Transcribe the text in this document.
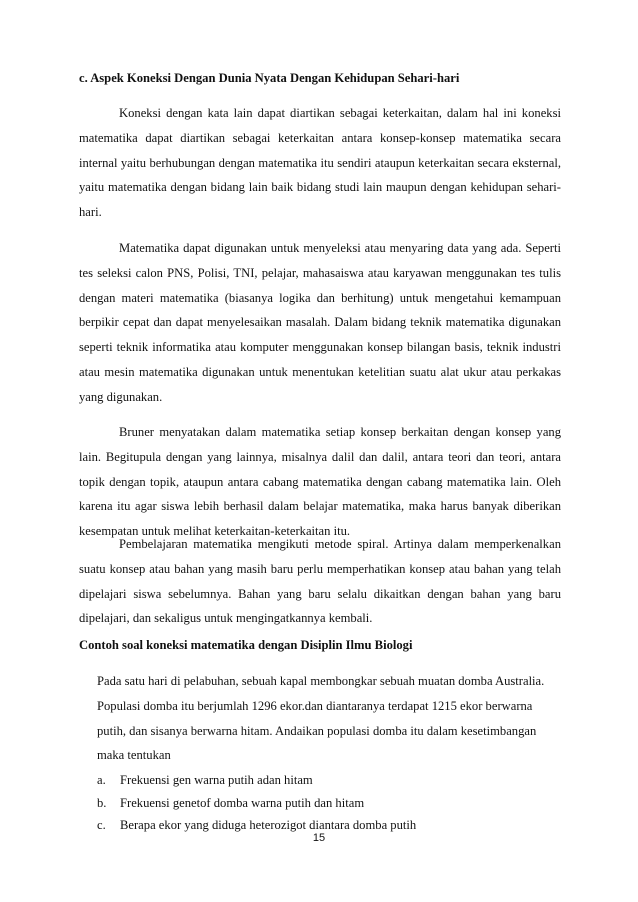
c. Aspek Koneksi Dengan Dunia Nyata Dengan Kehidupan Sehari-hari

Koneksi dengan kata lain dapat diartikan sebagai keterkaitan, dalam hal ini koneksi matematika dapat diartikan sebagai keterkaitan antara konsep-konsep matematika secara internal yaitu berhubungan dengan matematika itu sendiri ataupun keterkaitan secara eksternal, yaitu matematika dengan bidang lain baik bidang studi lain maupun dengan kehidupan sehari-hari.

Matematika dapat digunakan untuk menyeleksi atau menyaring data yang ada. Seperti tes seleksi calon PNS, Polisi, TNI, pelajar, mahasaiswa atau karyawan menggunakan tes tulis dengan materi matematika (biasanya logika dan berhitung) untuk mengetahui kemampuan berpikir cepat dan dapat menyelesaikan masalah. Dalam bidang teknik matematika digunakan seperti teknik informatika atau komputer menggunakan konsep bilangan basis, teknik industri atau mesin matematika digunakan untuk menentukan ketelitian suatu alat ukur atau perkakas yang digunakan.

Bruner menyatakan dalam matematika setiap konsep berkaitan dengan konsep yang lain. Begitupula dengan yang lainnya, misalnya dalil dan dalil, antara teori dan teori, antara topik dengan topik, ataupun antara cabang matematika dengan cabang matematika lain. Oleh karena itu agar siswa lebih berhasil dalam belajar matematika, maka harus banyak diberikan kesempatan untuk melihat keterkaitan-keterkaitan itu.

Pembelajaran matematika mengikuti metode spiral. Artinya dalam memperkenalkan suatu konsep atau bahan yang masih baru perlu memperhatikan konsep atau bahan yang telah dipelajari siswa sebelumnya. Bahan yang baru selalu dikaitkan dengan bahan yang baru dipelajari, dan sekaligus untuk mengingatkannya kembali.

Contoh soal koneksi matematika dengan Disiplin Ilmu Biologi

Pada satu hari di pelabuhan, sebuah kapal membongkar sebuah muatan domba Australia. Populasi domba itu berjumlah 1296 ekor.dan diantaranya terdapat 1215 ekor berwarna putih, dan sisanya berwarna hitam. Andaikan populasi domba itu dalam kesetimbangan maka tentukan

a.	Frekuensi gen warna putih adan hitam
b.	Frekuensi genetof domba warna putih dan hitam
c.	Berapa ekor yang diduga heterozigot diantara domba putih
15
